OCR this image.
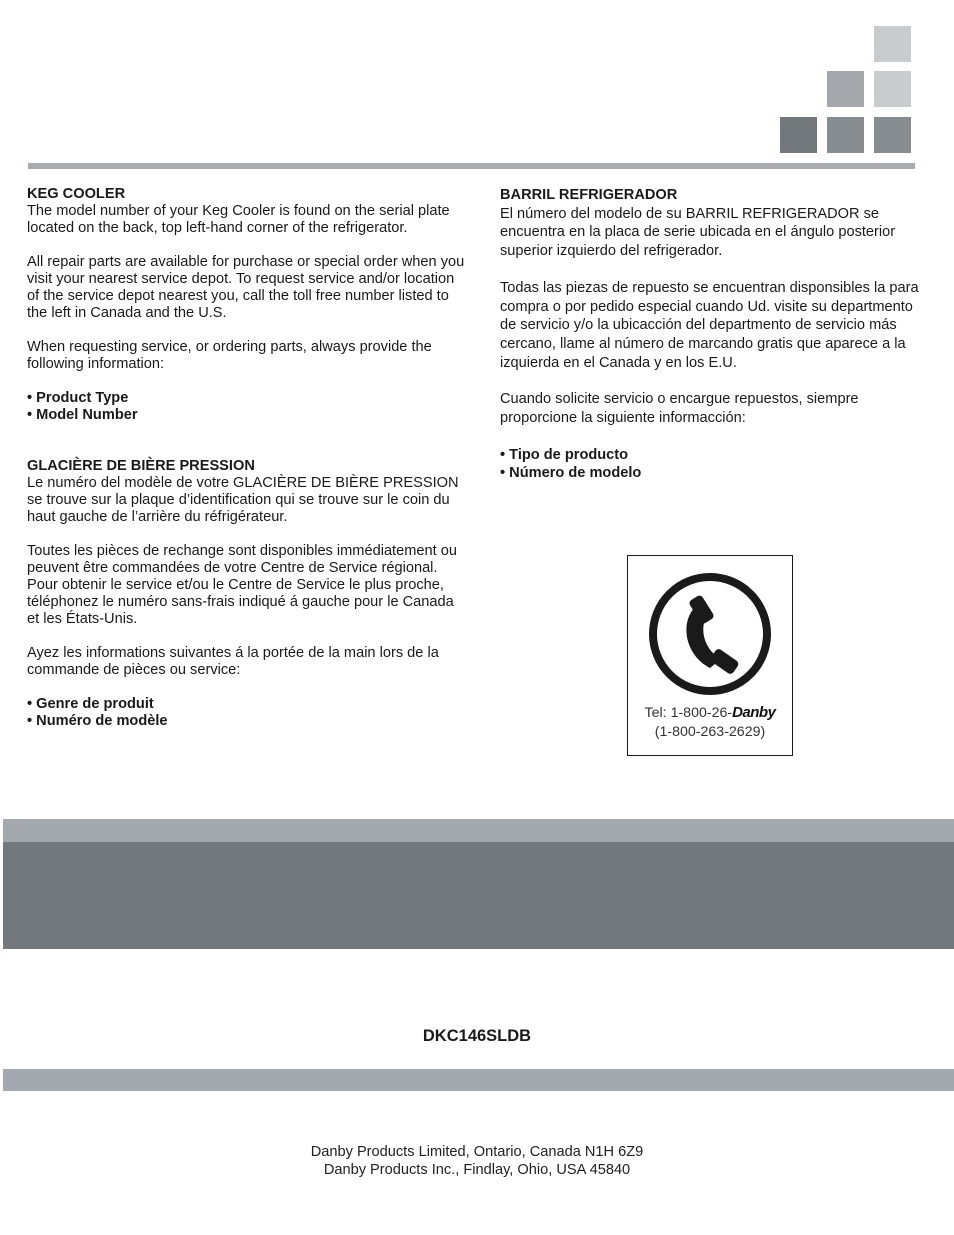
KEG COOLER

The model number of your Keg Cooler is found on the serial plate located on the back, top left-hand corner of the refrigerator.

All repair parts are available for purchase or special order when you visit your nearest service depot. To request service and/or location of the service depot nearest you, call the toll free number listed to the left in Canada and the U.S.

When requesting service, or ordering parts, always provide the following information:

• Product Type
• Model Number
GLACIÈRE DE BIÈRE PRESSION

Le numéro del modèle de votre GLACIÈRE DE BIÈRE PRESSION se trouve sur la plaque d’identification qui se trouve sur le coin du haut gauche de l’arrière du réfrigérateur.

Toutes les pièces de rechange sont disponibles immédiatement ou peuvent être commandées de votre Centre de Service régional. Pour obtenir le service et/ou le Centre de Service le plus proche, téléphonez le numéro sans-frais indiqué á gauche pour le Canada et les États-Unis.

Ayez les informations suivantes á la portée de la main lors de la commande de pièces ou service:

• Genre de produit
• Numéro de modèle
BARRIL REFRIGERADOR

El número del modelo de su BARRIL REFRIGERADOR se encuentra en la placa de serie ubicada en el ángulo posterior superior izquierdo del refrigerador.

Todas las piezas de repuesto se encuentran disponsibles la para compra o por pedido especial cuando Ud. visite su departmento de servicio y/o la ubicacción del departmento de servicio más cercano, llame al número de marcando gratis que aparece a la izquierda en el Canada y en los E.U.

Cuando solicite servicio o encargue repuestos, siempre proporcione la siguiente informacción:

• Tipo de producto
• Número de modelo
Tel: 1-800-26-Danby
(1-800-263-2629)
DKC146SLDB
Danby Products Limited, Ontario, Canada N1H 6Z9
Danby Products Inc., Findlay, Ohio, USA 45840
